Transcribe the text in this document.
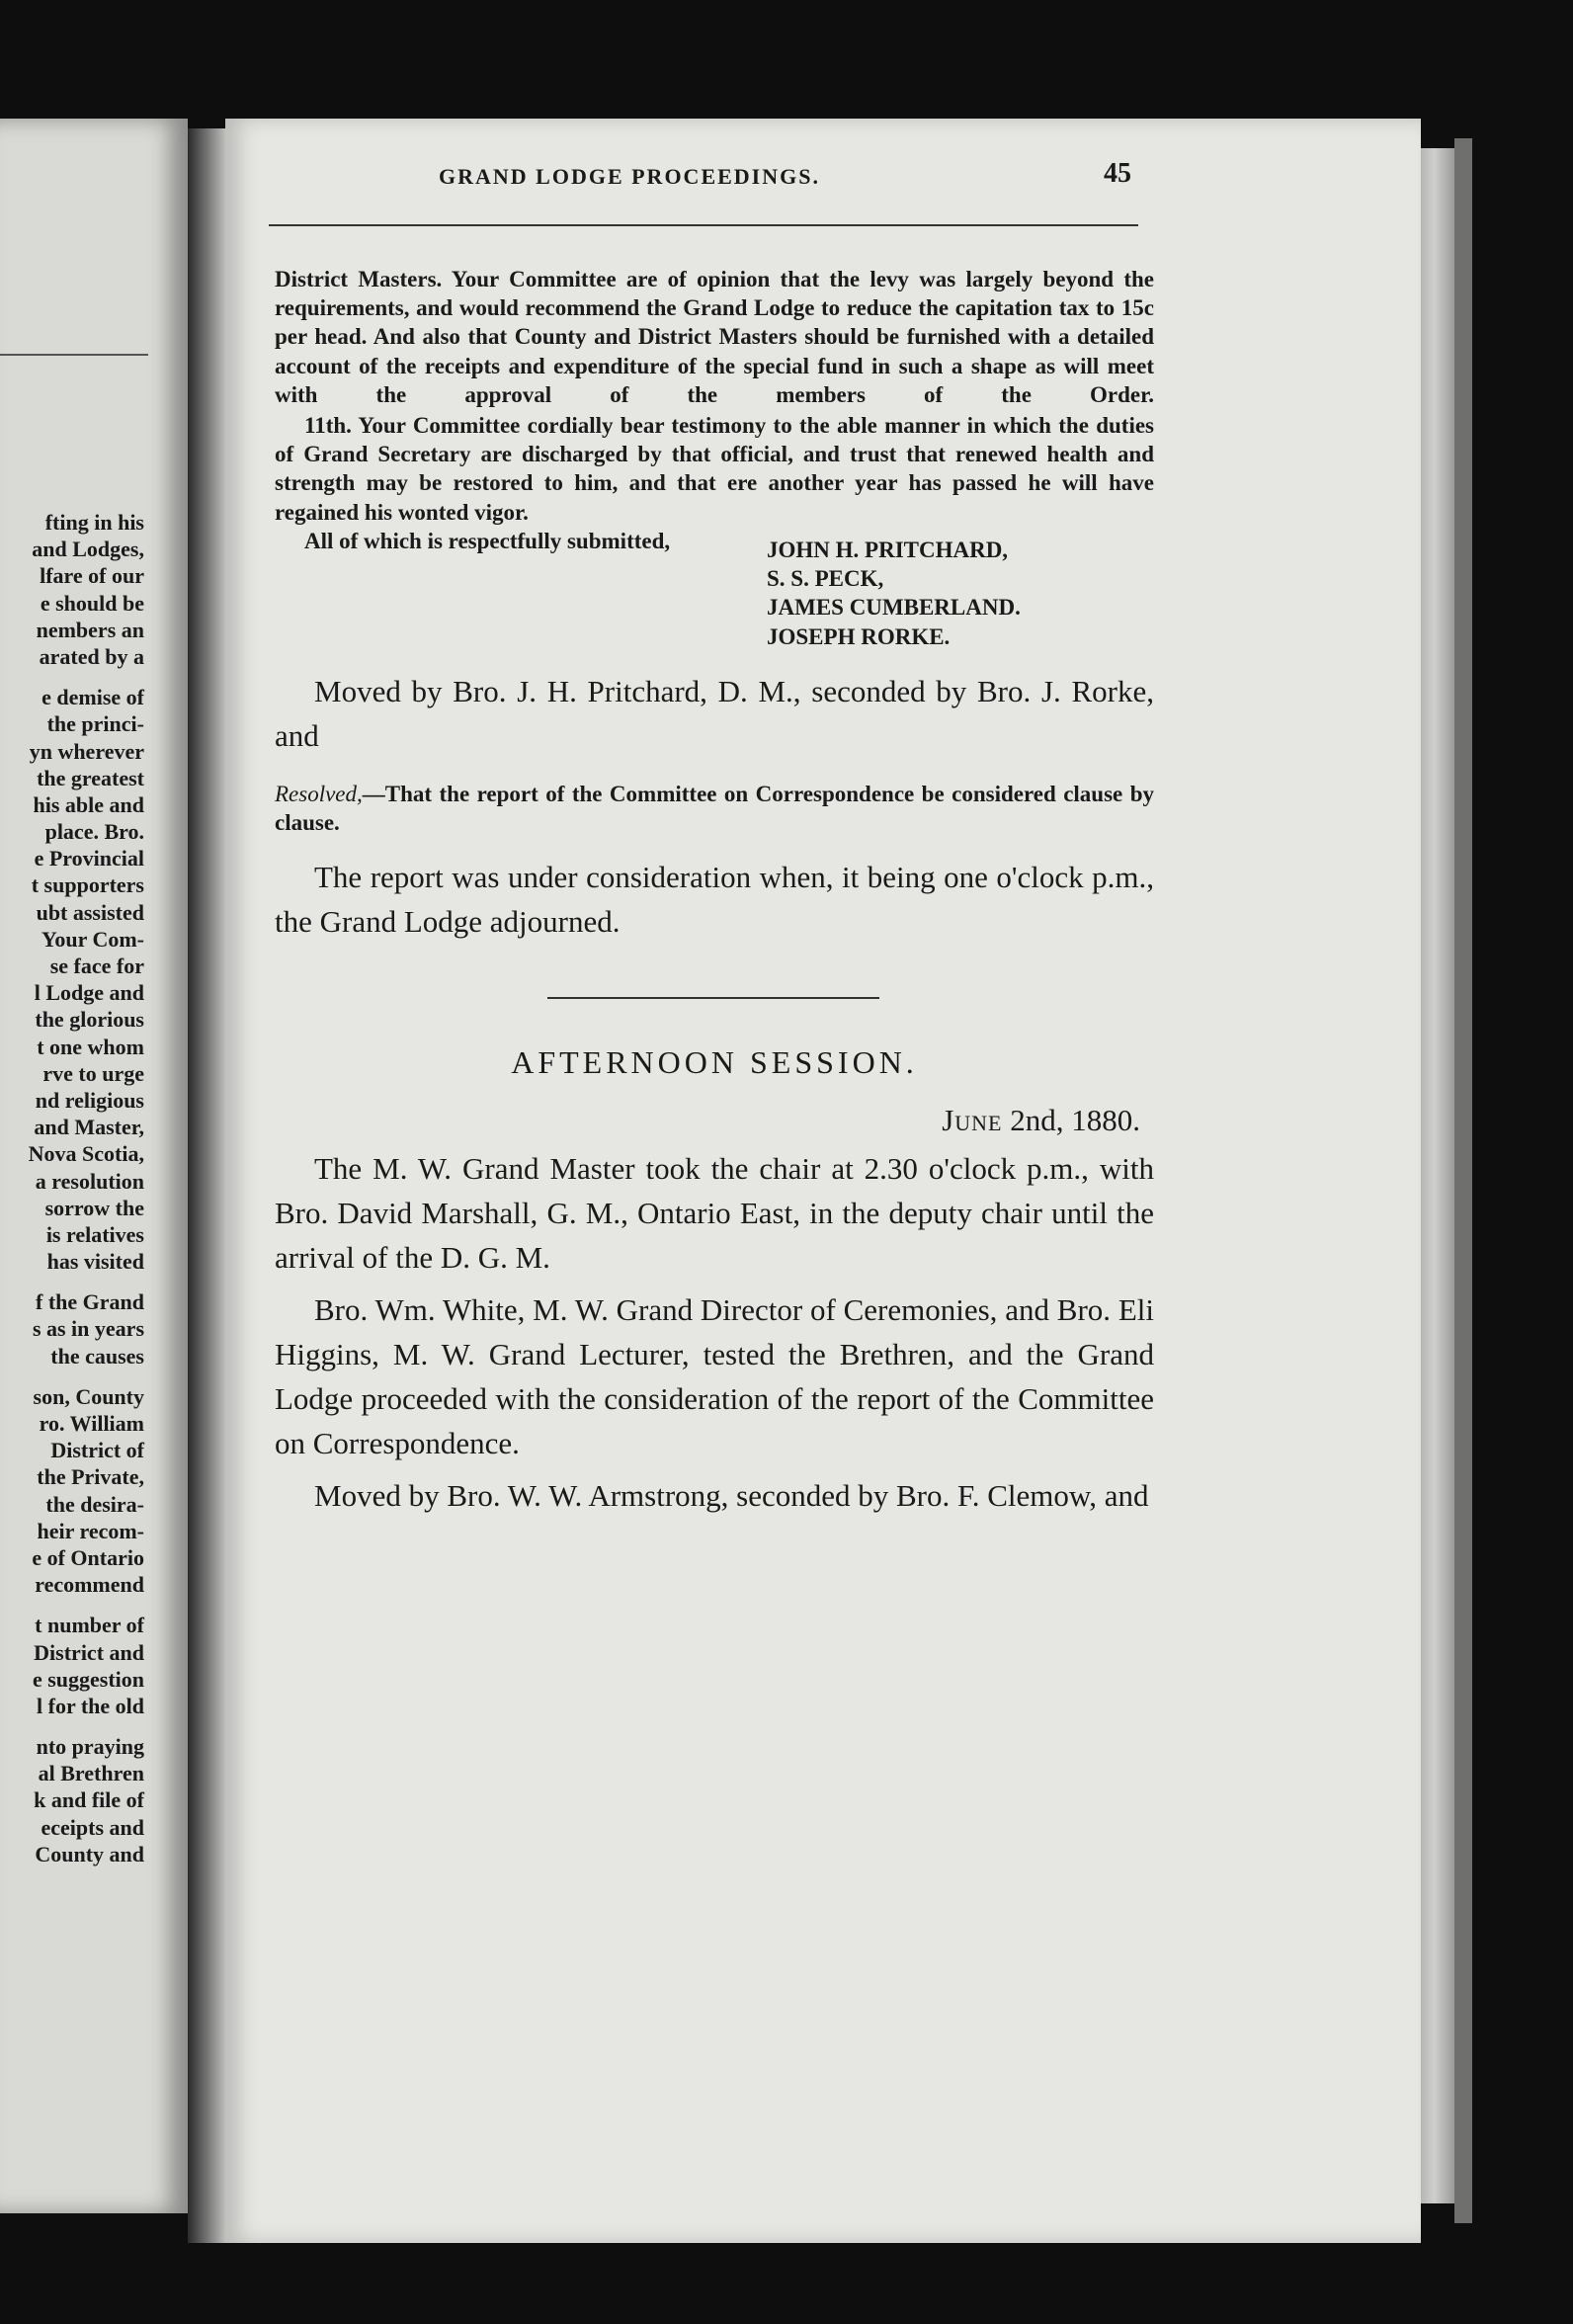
fting in his
and Lodges,
lfare of our
e should be
nembers an
arated by a
e demise of
the princi-
yn wherever
the greatest
his able and
place. Bro.
e Provincial
t supporters
ubt assisted
Your Com-
se face for
l Lodge and
the glorious
t one whom
rve to urge
nd religious
and Master,
Nova Scotia,
a resolution
sorrow the
is relatives
has visited
f the Grand
s as in years
the causes
son, County
ro. William
District of
the Private,
the desira-
heir recom-
e of Ontario
recommend
t number of
District and
e suggestion
l for the old
nto praying
al Brethren
k and file of
eceipts and
County and
GRAND LODGE PROCEEDINGS.	45
District Masters. Your Committee are of opinion that the levy was largely beyond the requirements, and would recommend the Grand Lodge to reduce the capitation tax to 15c per head. And also that County and District Masters should be furnished with a detailed account of the receipts and expenditure of the special fund in such a shape as will meet with the approval of the members of the Order.
11th. Your Committee cordially bear testimony to the able manner in which the duties of Grand Secretary are discharged by that official, and trust that renewed health and strength may be restored to him, and that ere another year has passed he will have regained his wonted vigor.
All of which is respectfully submitted,	JOHN H. PRITCHARD,
S. S. PECK,
JAMES CUMBERLAND.
JOSEPH RORKE.

Moved by Bro. J. H. Pritchard, D. M., seconded by Bro. J. Rorke, and

Resolved,—That the report of the Committee on Correspondence be considered clause by clause.

The report was under consideration when, it being one o'clock p.m., the Grand Lodge adjourned.

AFTERNOON SESSION.
June 2nd, 1880.

The M. W. Grand Master took the chair at 2.30 o'clock p.m., with Bro. David Marshall, G. M., Ontario East, in the deputy chair until the arrival of the D. G. M.

Bro. Wm. White, M. W. Grand Director of Ceremonies, and Bro. Eli Higgins, M. W. Grand Lecturer, tested the Brethren, and the Grand Lodge proceeded with the consideration of the report of the Committee on Correspondence.

Moved by Bro. W. W. Armstrong, seconded by Bro. F. Clemow, and
